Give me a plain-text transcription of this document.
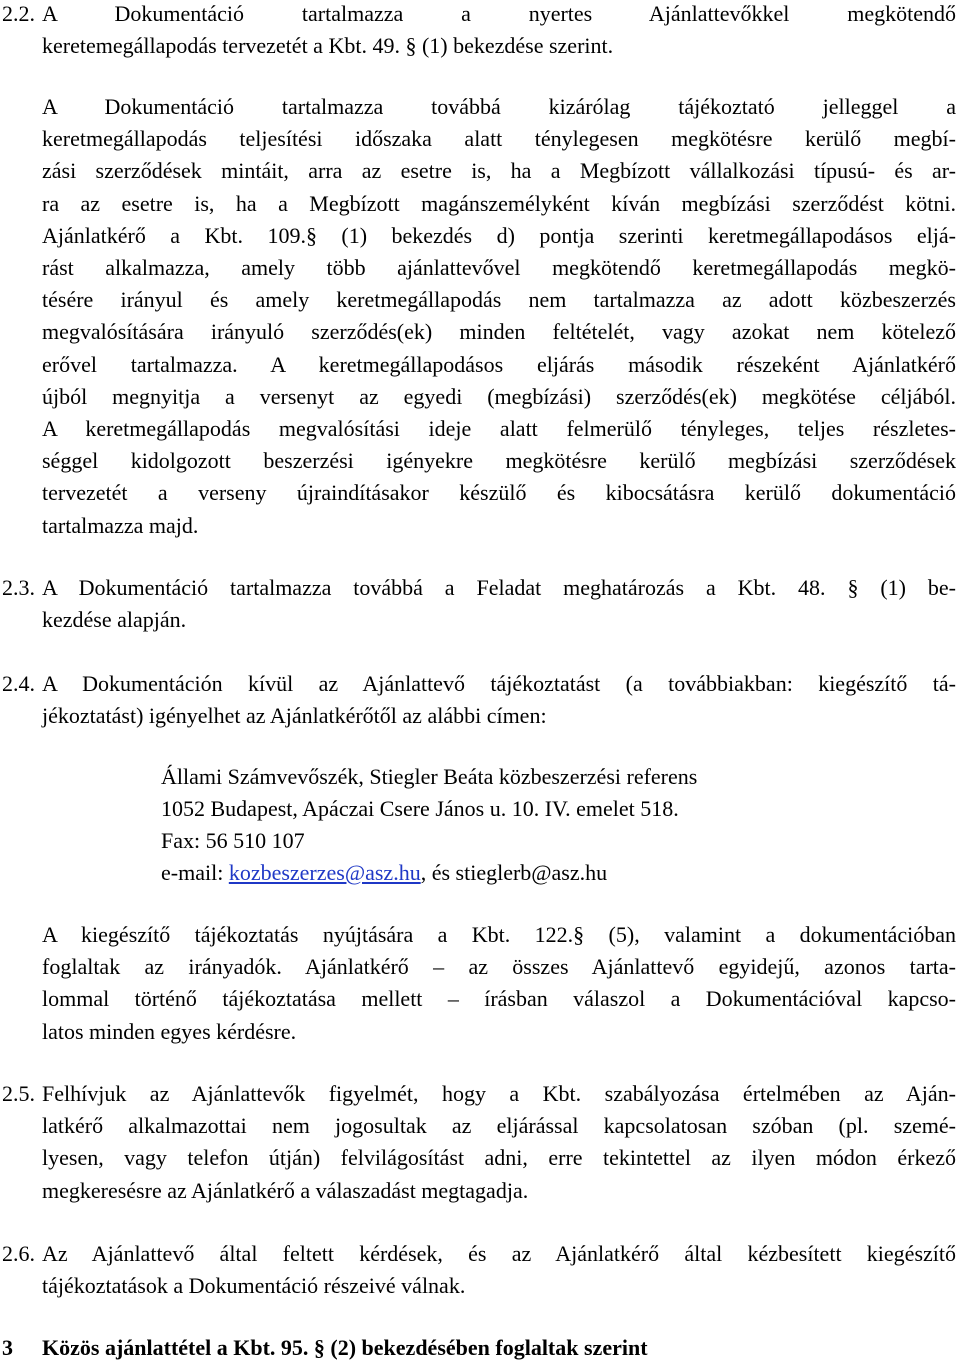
2.2. A Dokumentáció tartalmazza a nyertes Ajánlattevőkkel megkötendő
keretemegállapodás tervezetét a Kbt. 49. § (1) bekezdése szerint.
A Dokumentáció tartalmazza továbbá kizárólag tájékoztató jelleggel a
keretmegállapodás teljesítési időszaka alatt ténylegesen megkötésre kerülő megbí-
zási szerződések mintáit, arra az esetre is, ha a Megbízott vállalkozási típusú- és ar-
ra az esetre is, ha a Megbízott magánszemélyként kíván megbízási szerződést kötni.
Ajánlatkérő a Kbt. 109.§ (1) bekezdés d) pontja szerinti keretmegállapodásos eljá-
rást alkalmazza, amely több ajánlattevővel megkötendő keretmegállapodás megkö-
tésére irányul és amely keretmegállapodás nem tartalmazza az adott közbeszerzés
megvalósítására irányuló szerződés(ek) minden feltételét, vagy azokat nem kötelező
erővel tartalmazza. A keretmegállapodásos eljárás második részeként Ajánlatkérő
újból megnyitja a versenyt az egyedi (megbízási) szerződés(ek) megkötése céljából.
A keretmegállapodás megvalósítási ideje alatt felmerülő tényleges, teljes részletes-
séggel kidolgozott beszerzési igényekre megkötésre kerülő megbízási szerződések
tervezetét a verseny újraindításakor készülő és kibocsátásra kerülő dokumentáció
tartalmazza majd.
2.3. A Dokumentáció tartalmazza továbbá a Feladat meghatározás a Kbt. 48. § (1) be-
kezdése alapján.
2.4. A Dokumentáción kívül az Ajánlattevő tájékoztatást (a továbbiakban: kiegészítő tá-
jékoztatást) igényelhet az Ajánlatkérőtől az alábbi címen:
Állami Számvevőszék, Stiegler Beáta közbeszerzési referens
1052 Budapest, Apáczai Csere János u. 10. IV. emelet 518.
Fax: 56 510 107
e-mail: kozbeszerzes@asz.hu, és stieglerb@asz.hu
A kiegészítő tájékoztatás nyújtására a Kbt. 122.§ (5), valamint a dokumentációban
foglaltak az irányadók. Ajánlatkérő – az összes Ajánlattevő egyidejű, azonos tarta-
lommal történő tájékoztatása mellett – írásban válaszol a Dokumentációval kapcso-
latos minden egyes kérdésre.
2.5. Felhívjuk az Ajánlattevők figyelmét, hogy a Kbt. szabályozása értelmében az Aján-
latkérő alkalmazottai nem jogosultak az eljárással kapcsolatosan szóban (pl. szemé-
lyesen, vagy telefon útján) felvilágosítást adni, erre tekintettel az ilyen módon érkező
megkeresésre az Ajánlatkérő a válaszadást megtagadja.
2.6. Az Ajánlattevő által feltett kérdések, és az Ajánlatkérő által kézbesített kiegészítő
tájékoztatások a Dokumentáció részeivé válnak.
3 Közös ajánlattétel a Kbt. 95. § (2) bekezdésében foglaltak szerint
